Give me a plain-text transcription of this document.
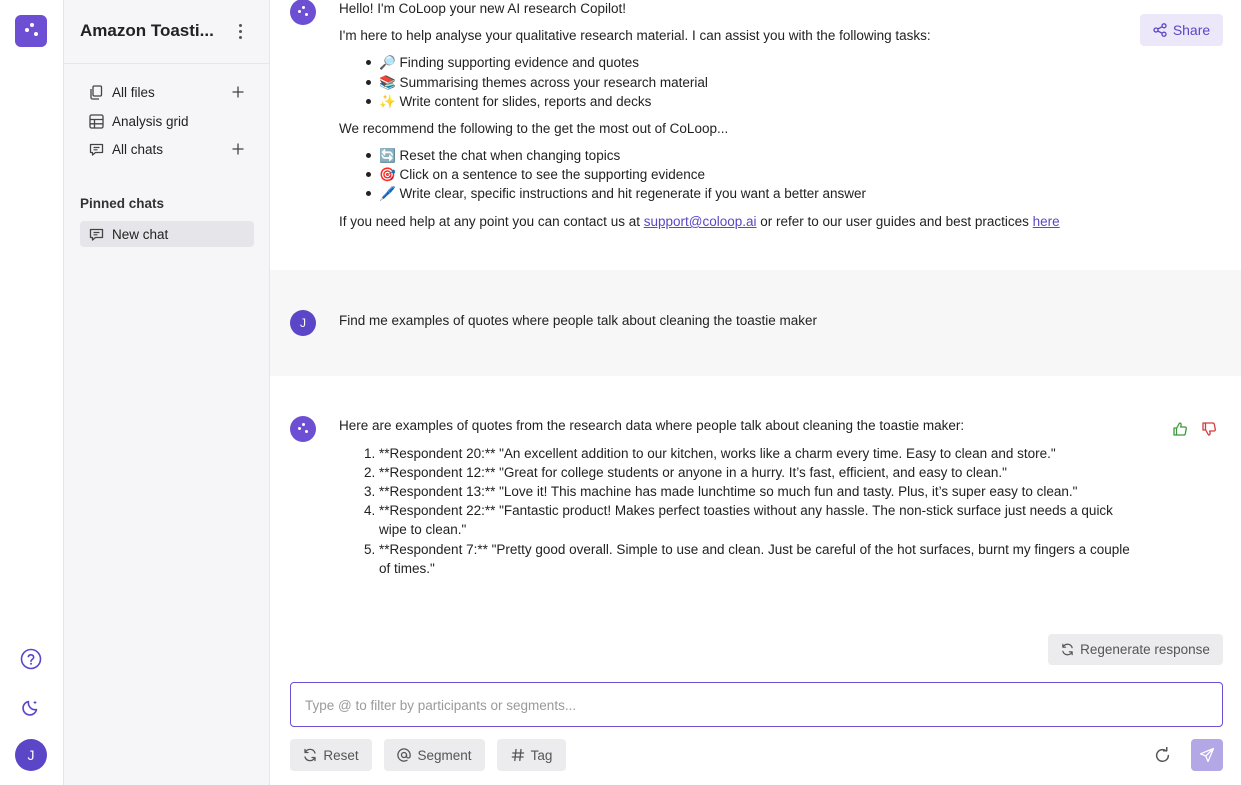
J
Amazon Toasti...
All files
Analysis grid
All chats
Pinned chats
New chat
Hello! I'm CoLoop your new AI research Copilot!
I'm here to help analyse your qualitative research material. I can assist you with the following tasks:
🔎 Finding supporting evidence and quotes
📚 Summarising themes across your research material
✨ Write content for slides, reports and decks
We recommend the following to the get the most out of CoLoop...
🔄 Reset the chat when changing topics
🎯 Click on a sentence to see the supporting evidence
🖊️ Write clear, specific instructions and hit regenerate if you want a better answer
If you need help at any point you can contact us at support@coloop.ai or refer to our user guides and best practices here
Share
J Find me examples of quotes where people talk about cleaning the toastie maker
Here are examples of quotes from the research data where people talk about cleaning the toastie maker:
1. **Respondent 20:** "An excellent addition to our kitchen, works like a charm every time. Easy to clean and store."
2. **Respondent 12:** "Great for college students or anyone in a hurry. It’s fast, efficient, and easy to clean."
3. **Respondent 13:** "Love it! This machine has made lunchtime so much fun and tasty. Plus, it’s super easy to clean."
4. **Respondent 22:** "Fantastic product! Makes perfect toasties without any hassle. The non-stick surface just needs a quick wipe to clean."
5. **Respondent 7:** "Pretty good overall. Simple to use and clean. Just be careful of the hot surfaces, burnt my fingers a couple of times."
Regenerate response
Type @ to filter by participants or segments...
Reset	Segment	Tag
